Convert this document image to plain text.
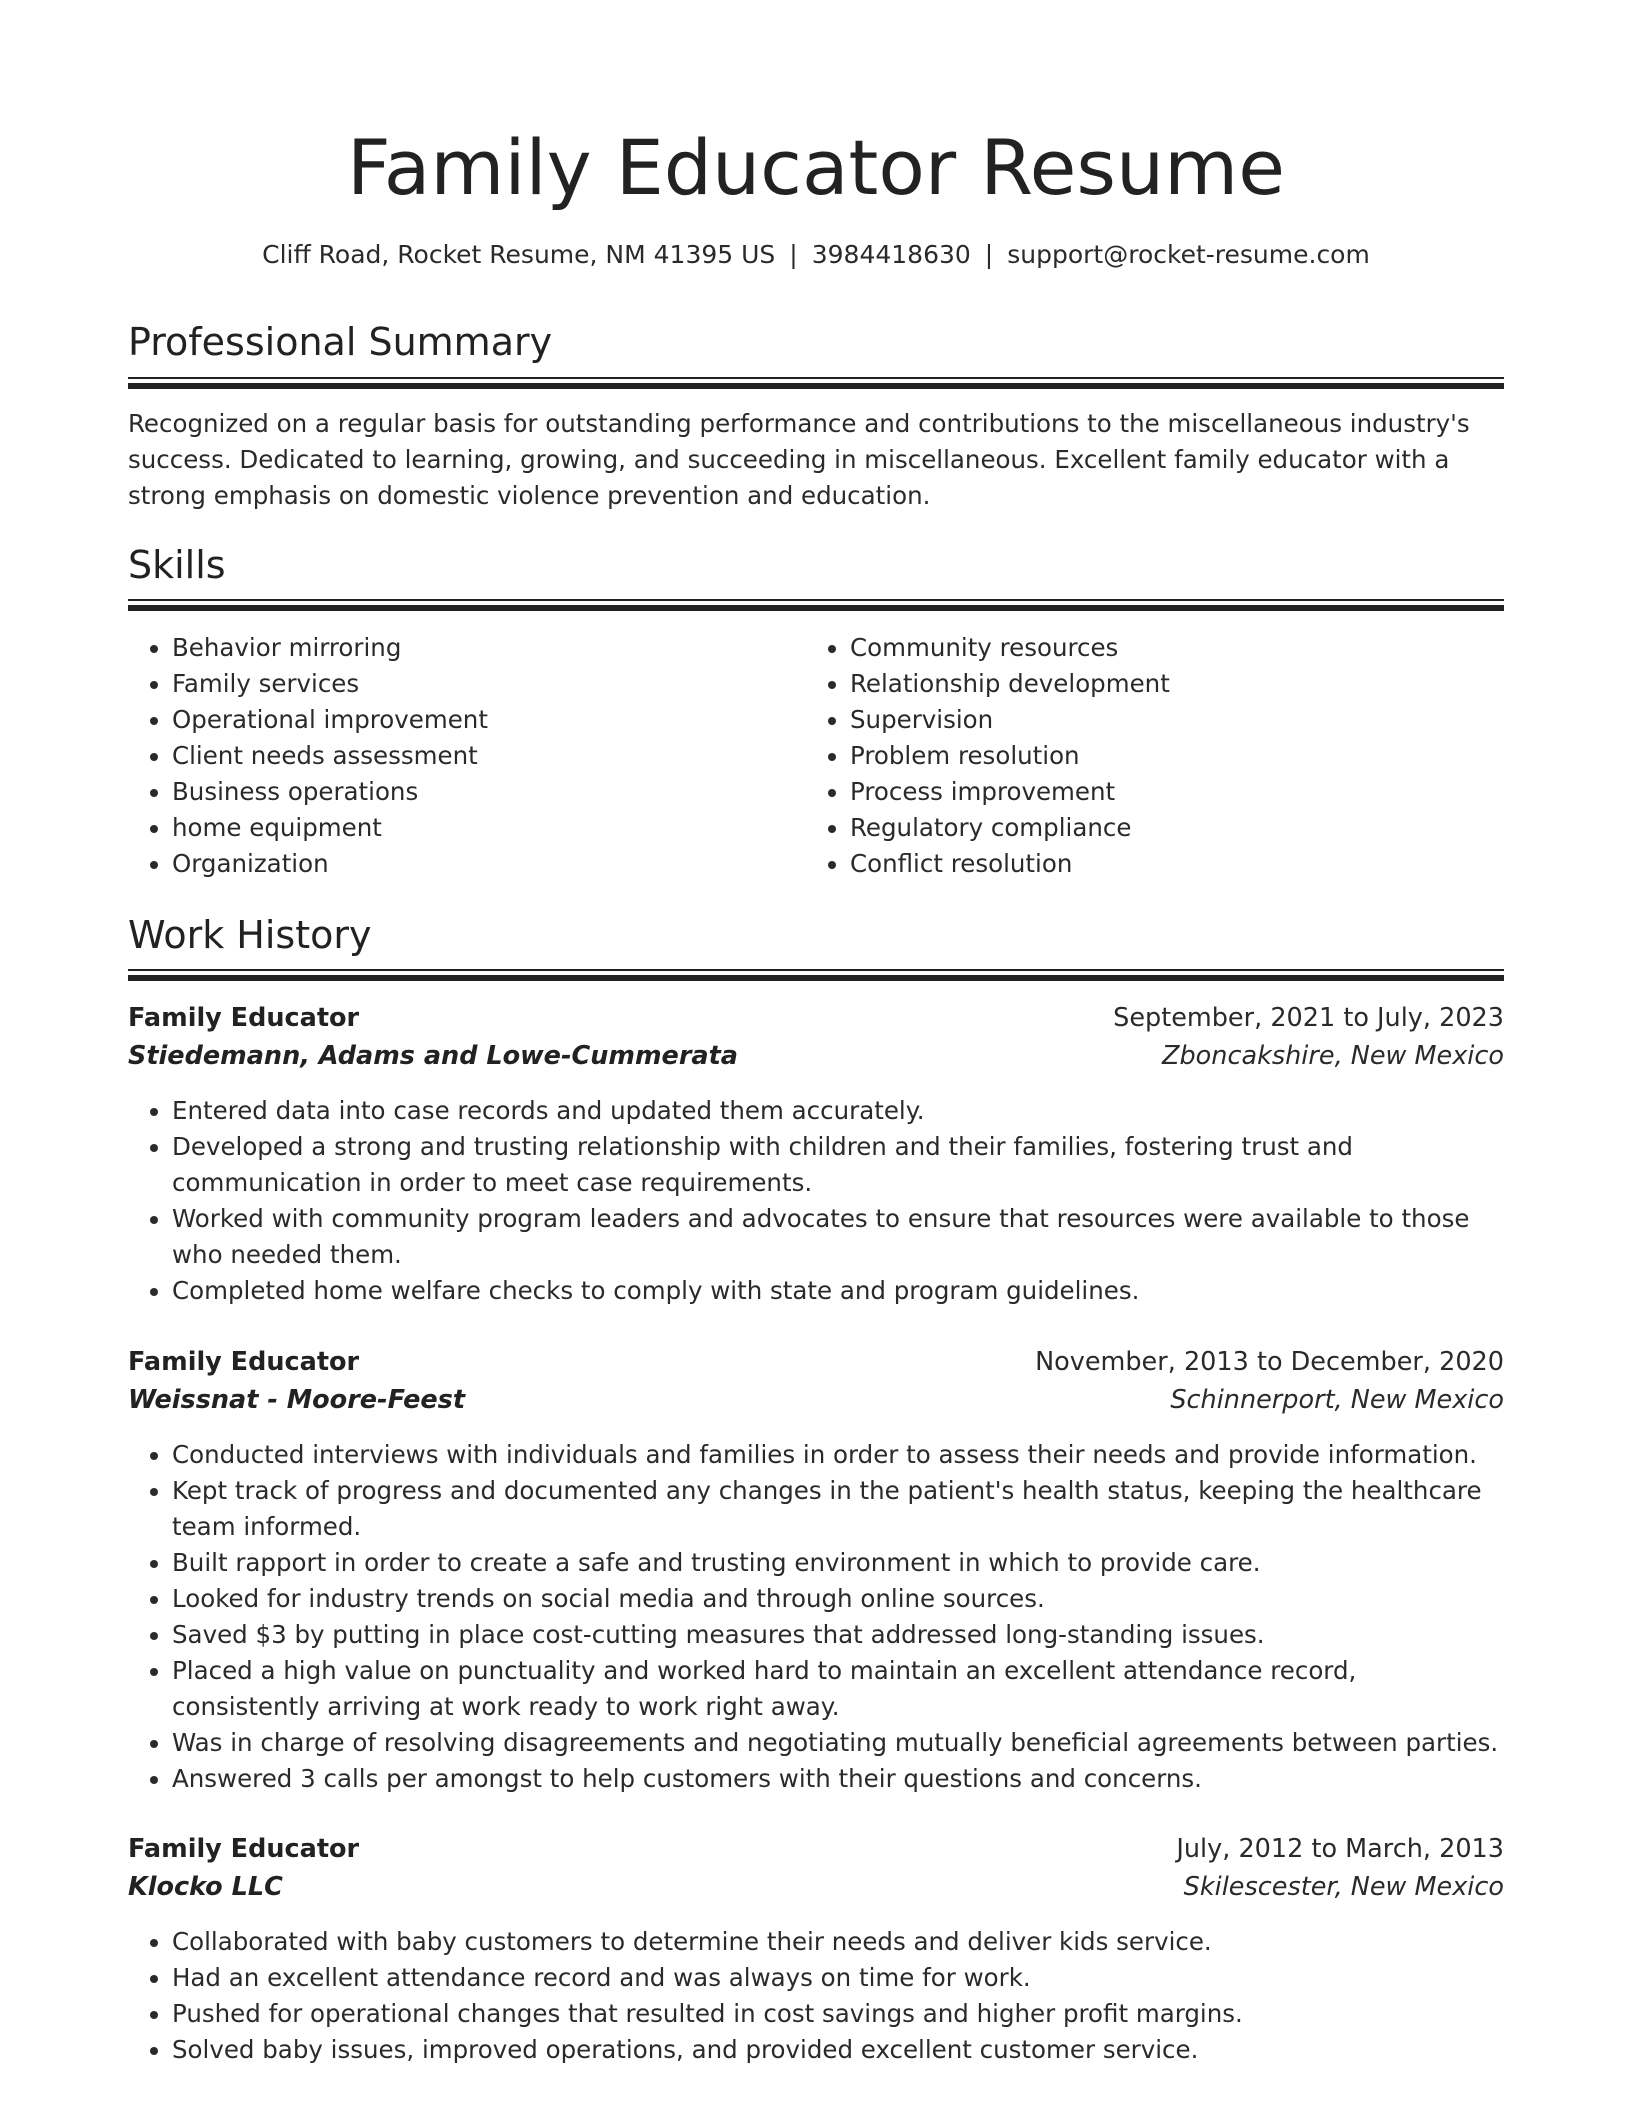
Family Educator Resume
Cliff Road, Rocket Resume, NM 41395 US | 3984418630 | support@rocket-resume.com
Professional Summary

Recognized on a regular basis for outstanding performance and contributions to the miscellaneous industry's success. Dedicated to learning, growing, and succeeding in miscellaneous. Excellent family educator with a strong emphasis on domestic violence prevention and education.

Skills
• Behavior mirroring
• Family services
• Operational improvement
• Client needs assessment
• Business operations
• home equipment
• Organization
• Community resources
• Relationship development
• Supervision
• Problem resolution
• Process improvement
• Regulatory compliance
• Conflict resolution
Work History
Family Educator	September, 2021 to July, 2023
Stiedemann, Adams and Lowe-Cummerata	Zboncakshire, New Mexico
• Entered data into case records and updated them accurately.
• Developed a strong and trusting relationship with children and their families, fostering trust and communication in order to meet case requirements.
• Worked with community program leaders and advocates to ensure that resources were available to those who needed them.
• Completed home welfare checks to comply with state and program guidelines.
Family Educator	November, 2013 to December, 2020
Weissnat - Moore-Feest	Schinnerport, New Mexico
• Conducted interviews with individuals and families in order to assess their needs and provide information.
• Kept track of progress and documented any changes in the patient's health status, keeping the healthcare team informed.
• Built rapport in order to create a safe and trusting environment in which to provide care.
• Looked for industry trends on social media and through online sources.
• Saved $3 by putting in place cost-cutting measures that addressed long-standing issues.
• Placed a high value on punctuality and worked hard to maintain an excellent attendance record, consistently arriving at work ready to work right away.
• Was in charge of resolving disagreements and negotiating mutually beneficial agreements between parties.
• Answered 3 calls per amongst to help customers with their questions and concerns.
Family Educator	July, 2012 to March, 2013
Klocko LLC	Skilescester, New Mexico
• Collaborated with baby customers to determine their needs and deliver kids service.
• Had an excellent attendance record and was always on time for work.
• Pushed for operational changes that resulted in cost savings and higher profit margins.
• Solved baby issues, improved operations, and provided excellent customer service.
